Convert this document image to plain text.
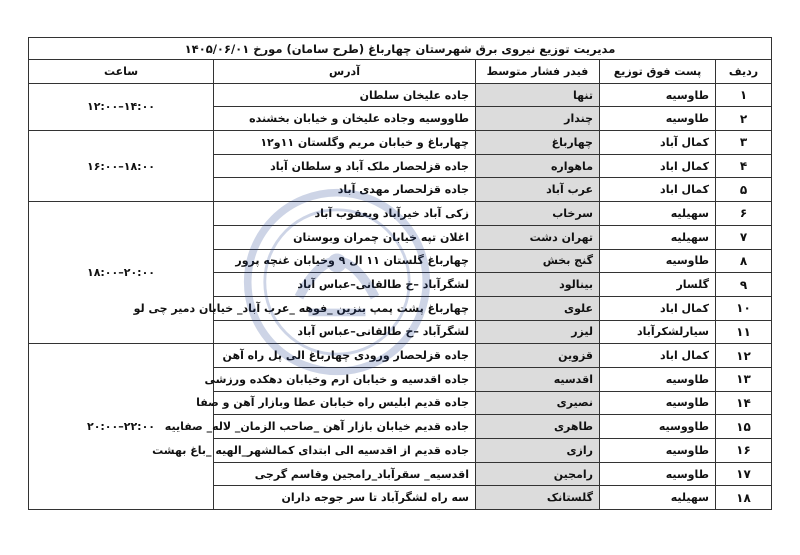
مدیریت توزیع نیروی برق شهرستان چهارباغ (طرح سامان) مورخ ۱۴۰۵/۰۶/۰۱				
ردیف	پست فوق توزیع	فیدر فشار متوسط	آدرس	ساعت
۱	طاوسیه	تنها	جاده علیخان سلطان	۱۲:۰۰–۱۴:۰۰
۲	طاوسیه	چندار	طاووسیه وجاده علیخان و خیابان بخشنده	
۳	کمال آباد	چهارباغ	چهارباغ و خیابان مریم وگلستان ۱۱و۱۲	۱۶:۰۰–۱۸:۰۰
۴	کمال اباد	ماهواره	جاده قزلحصار ملک آباد و سلطان آباد	
۵	کمال اباد	عرب آباد	جاده قزلحصار مهدی آباد	
۶	سهیلیه	سرخاب	زکی آباد خیرآباد ویعقوب آباد	۱۸:۰۰–۲۰:۰۰
۷	سهیلیه	تهران دشت	اغلان تپه خیابان چمران وبوستان	
۸	طاوسیه	گنج بخش	چهارباغ گلستان ۱۱ ال ۹ وخیابان غنچه پرور	
۹	گلسار	بینالود	لشگرآباد –خ طالقانی–عباس آباد	
۱۰	کمال اباد	علوی	چهارباغ پشت پمپ بنزین _فوهه _عرب آباد_ خیابان دمیر چی لو	
۱۱	سیارلشکرآباد	لیزر	لشگرآباد –خ طالقانی–عباس آباد	
۱۲	کمال اباد	قزوین	جاده قزلحصار ورودی چهارباغ الی پل راه آهن	۲۰:۰۰–۲۲:۰۰
۱۳	طاوسیه	اقدسیه	جاده اقدسیه و خیابان ارم وخیابان دهکده ورزشی	
۱۴	طاوسیه	نصیری	جاده قدیم ابلیس راه خیابان عطا وبازار آهن و صفا	
۱۵	طاووسیه	طاهری	جاده قدیم خیابان بازار آهن _صاحب الزمان_ لاله_ صفاییه	
۱۶	طاوسیه	رازی	جاده قدیم از اقدسیه الی ابتدای کمالشهر_الهیه _باغ بهشت	
۱۷	طاوسیه	رامجین	اقدسیه_ سقرآباد_رامجین وقاسم گرجی	
۱۸	سهیلیه	گلستانک	سه راه لشگرآباد تا سر جوجه داران	
